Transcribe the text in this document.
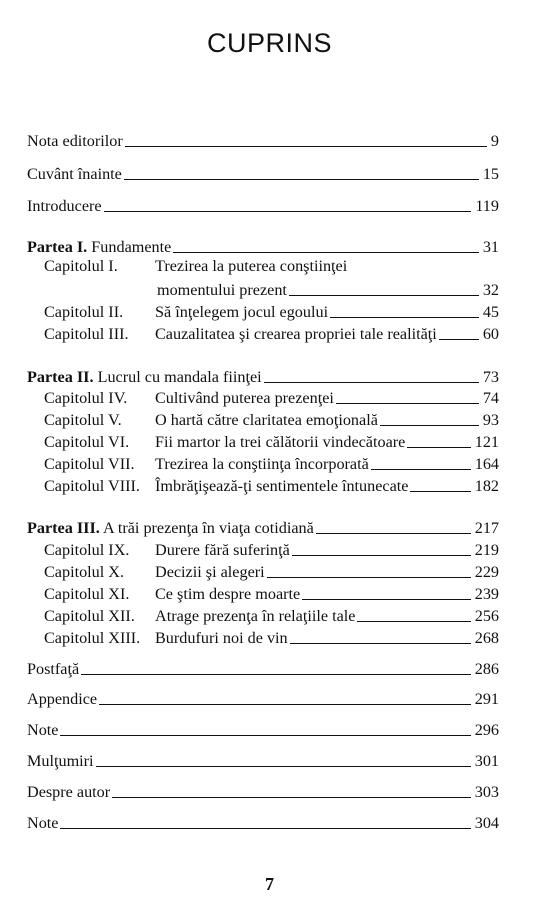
CUPRINS
Nota editorilor	9
Cuvânt înainte	15
Introducere	119
Partea I. Fundamente	31
Capitolul I.	Trezirea la puterea conştiinţei
momentului prezent	32
Capitolul II.	Să înţelegem jocul egoului	45
Capitolul III.	Cauzalitatea şi crearea propriei tale realităţi	60
Partea II. Lucrul cu mandala fiinţei	73
Capitolul IV.	Cultivând puterea prezenţei	74
Capitolul V.	O hartă către claritatea emoţională	93
Capitolul VI.	Fii martor la trei călătorii vindecătoare	121
Capitolul VII.	Trezirea la conştiinţa încorporată	164
Capitolul VIII. Îmbrăţişează-ţi sentimentele întunecate	182
Partea III. A trăi prezenţa în viaţa cotidiană	217
Capitolul IX.	Durere fără suferinţă	219
Capitolul X.	Decizii şi alegeri	229
Capitolul XI.	Ce ştim despre moarte	239
Capitolul XII.	Atrage prezenţa în relaţiile tale	256
Capitolul XIII. Burdufuri noi de vin	268
Postfaţă	286
Appendice	291
Note	296
Mulţumiri	301
Despre autor	303
Note	304
7
